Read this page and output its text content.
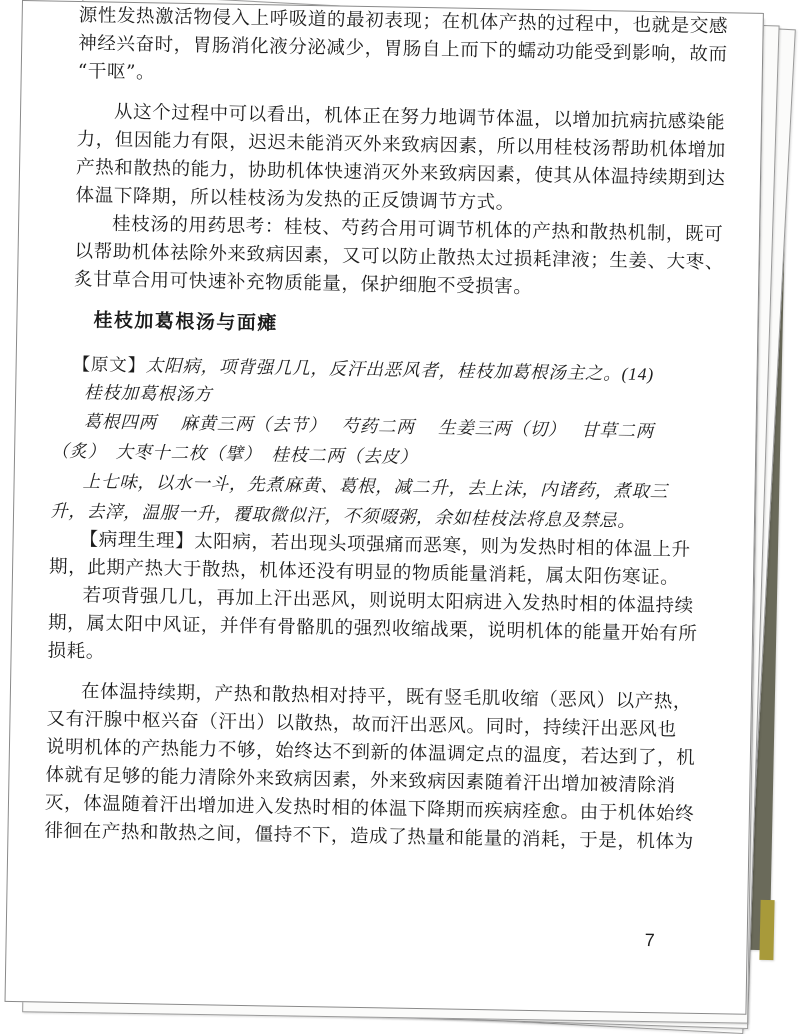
源性发热激活物侵入上呼吸道的最初表现；在机体产热的过程中，也就是交感
神经兴奋时，胃肠消化液分泌减少，胃肠自上而下的蠕动功能受到影响，故而
“干呕”。
从这个过程中可以看出，机体正在努力地调节体温，以增加抗病抗感染能
力，但因能力有限，迟迟未能消灭外来致病因素，所以用桂枝汤帮助机体增加
产热和散热的能力，协助机体快速消灭外来致病因素，使其从体温持续期到达
体温下降期，所以桂枝汤为发热的正反馈调节方式。
桂枝汤的用药思考：桂枝、芍药合用可调节机体的产热和散热机制，既可
以帮助机体祛除外来致病因素，又可以防止散热太过损耗津液；生姜、大枣、
炙甘草合用可快速补充物质能量，保护细胞不受损害。
桂枝加葛根汤与面瘫
【原文】太阳病，项背强几几，反汗出恶风者，桂枝加葛根汤主之。(14)
桂枝加葛根汤方
葛根四两　 麻黄三两（去节）　 芍药二两　 生姜三两（切）　 甘草二两
（炙）　大枣十二枚（擘）　桂枝二两（去皮）
上七味，以水一斗，先煮麻黄、葛根，减二升，去上沫，内诸药，煮取三
升，去滓，温服一升，覆取微似汗，不须啜粥，余如桂枝法将息及禁忌。
【病理生理】太阳病，若出现头项强痛而恶寒，则为发热时相的体温上升
期，此期产热大于散热，机体还没有明显的物质能量消耗，属太阳伤寒证。
若项背强几几，再加上汗出恶风，则说明太阳病进入发热时相的体温持续
期，属太阳中风证，并伴有骨骼肌的强烈收缩战栗，说明机体的能量开始有所
损耗。
在体温持续期，产热和散热相对持平，既有竖毛肌收缩（恶风）以产热，
又有汗腺中枢兴奋（汗出）以散热，故而汗出恶风。同时，持续汗出恶风也
说明机体的产热能力不够，始终达不到新的体温调定点的温度，若达到了，机
体就有足够的能力清除外来致病因素，外来致病因素随着汗出增加被清除消
灭，体温随着汗出增加进入发热时相的体温下降期而疾病痊愈。由于机体始终
徘徊在产热和散热之间，僵持不下，造成了热量和能量的消耗，于是，机体为
7
